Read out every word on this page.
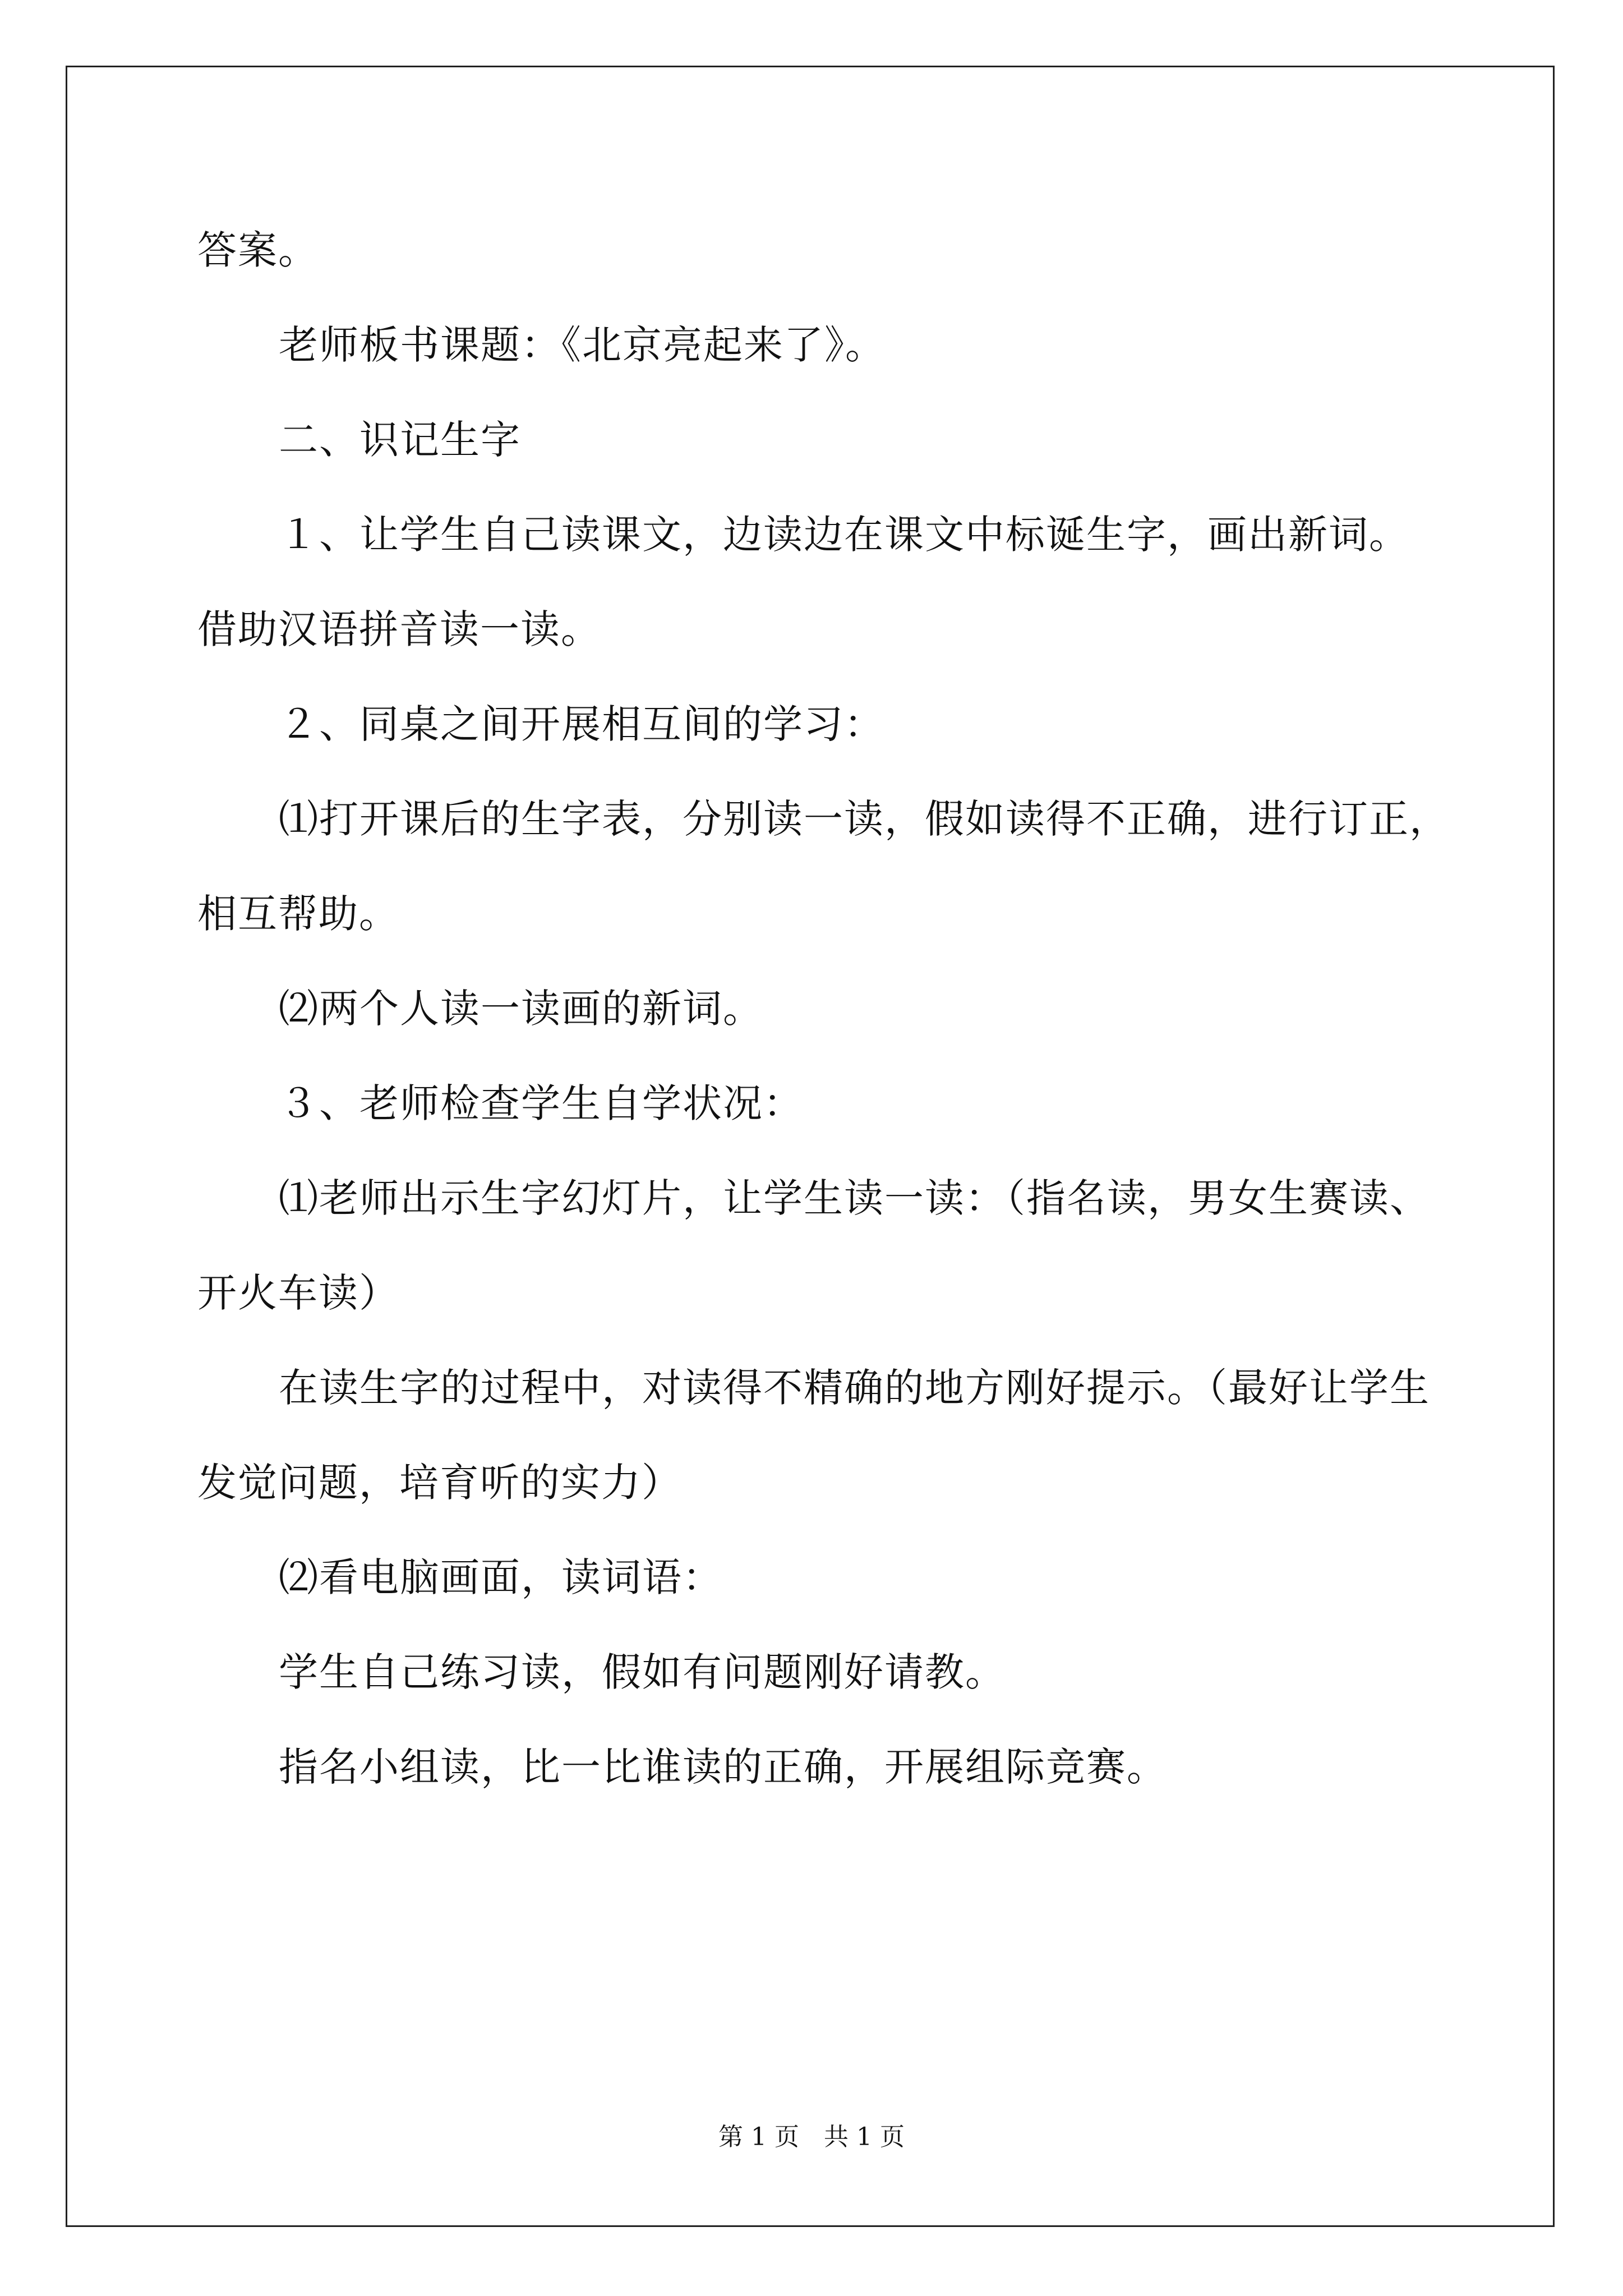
答案。
老师板书课题：《北京亮起来了》。
二、识记生字
１、让学生自己读课文，边读边在课文中标诞生字，画出新词。
借助汉语拼音读一读。
２、同桌之间开展相互间的学习：
⑴打开课后的生字表，分别读一读，假如读得不正确，进行订正，
相互帮助。
⑵两个人读一读画的新词。
３、老师检查学生自学状况：
⑴老师出示生字幻灯片，让学生读一读：（指名读，男女生赛读、
开火车读）
在读生字的过程中，对读得不精确的地方刚好提示。（最好让学生
发觉问题，培育听的实力）
⑵看电脑画面，读词语：
学生自己练习读，假如有问题刚好请教。
指名小组读，比一比谁读的正确，开展组际竞赛。
第 1 页　共 1 页
